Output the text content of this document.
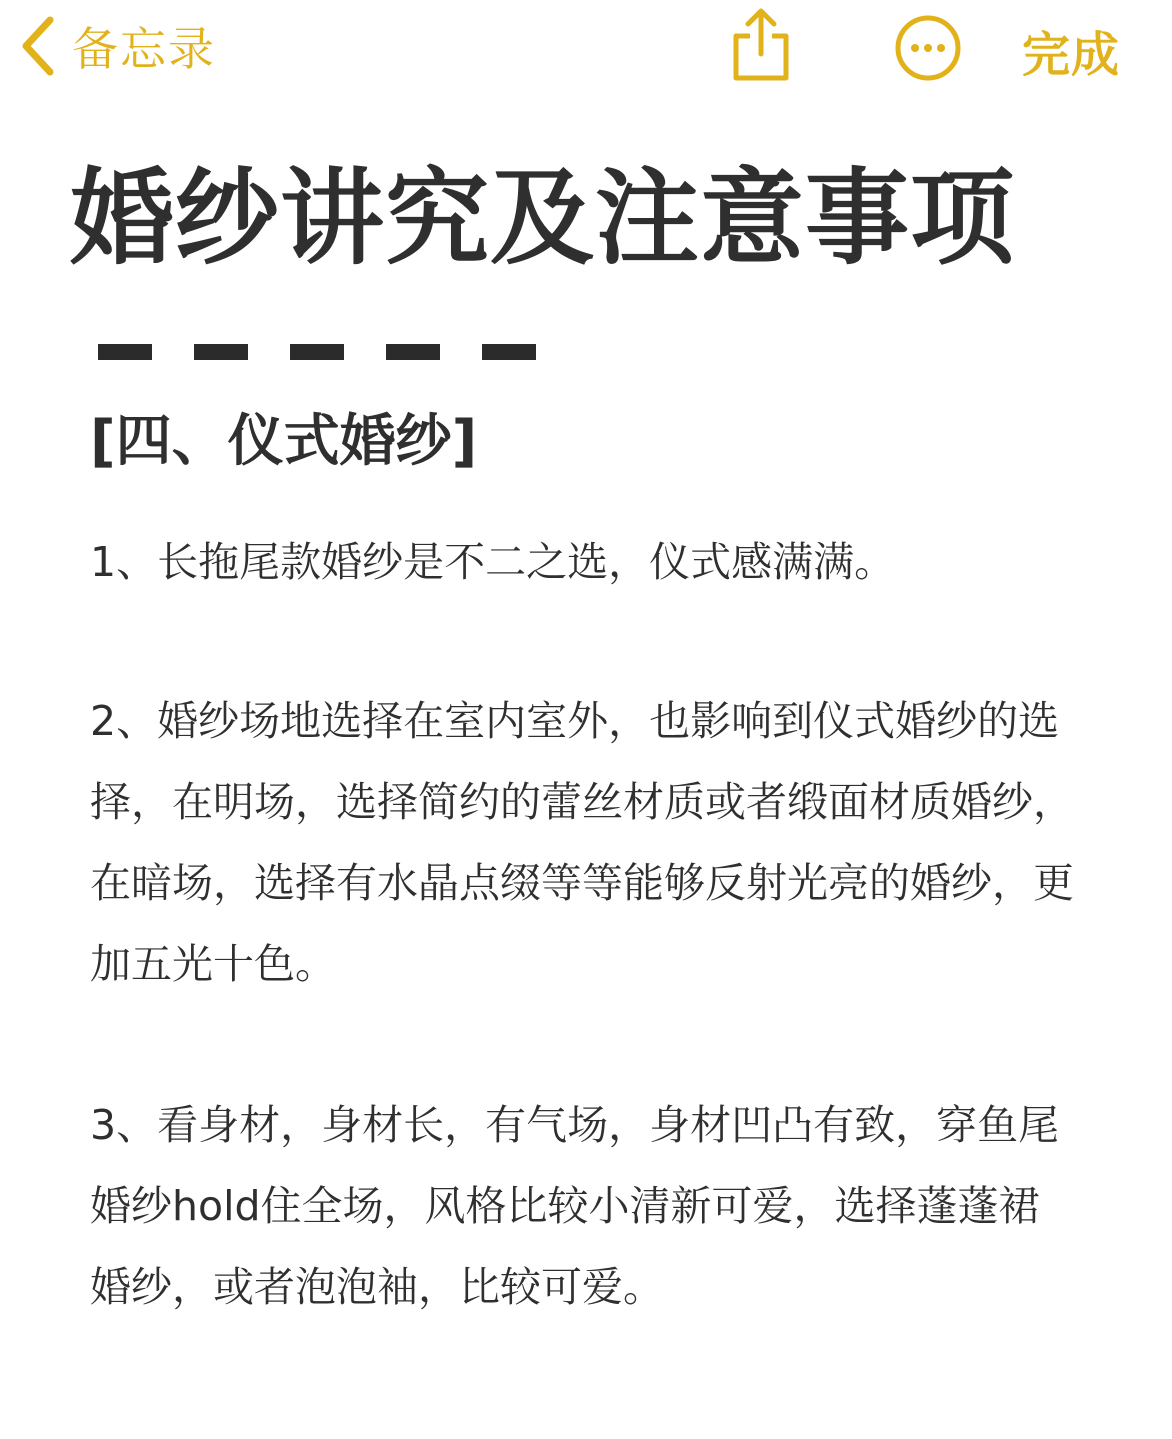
备忘录	完成
婚纱讲究及注意事项
[四、仪式婚纱]

1、长拖尾款婚纱是不二之选，仪式感满满。

2、婚纱场地选择在室内室外，也影响到仪式婚纱的选择，在明场，选择简约的蕾丝材质或者缎面材质婚纱，在暗场，选择有水晶点缀等等能够反射光亮的婚纱，更加五光十色。

3、看身材，身材长，有气场，身材凹凸有致，穿鱼尾婚纱hold住全场，风格比较小清新可爱，选择蓬蓬裙婚纱，或者泡泡袖，比较可爱。
